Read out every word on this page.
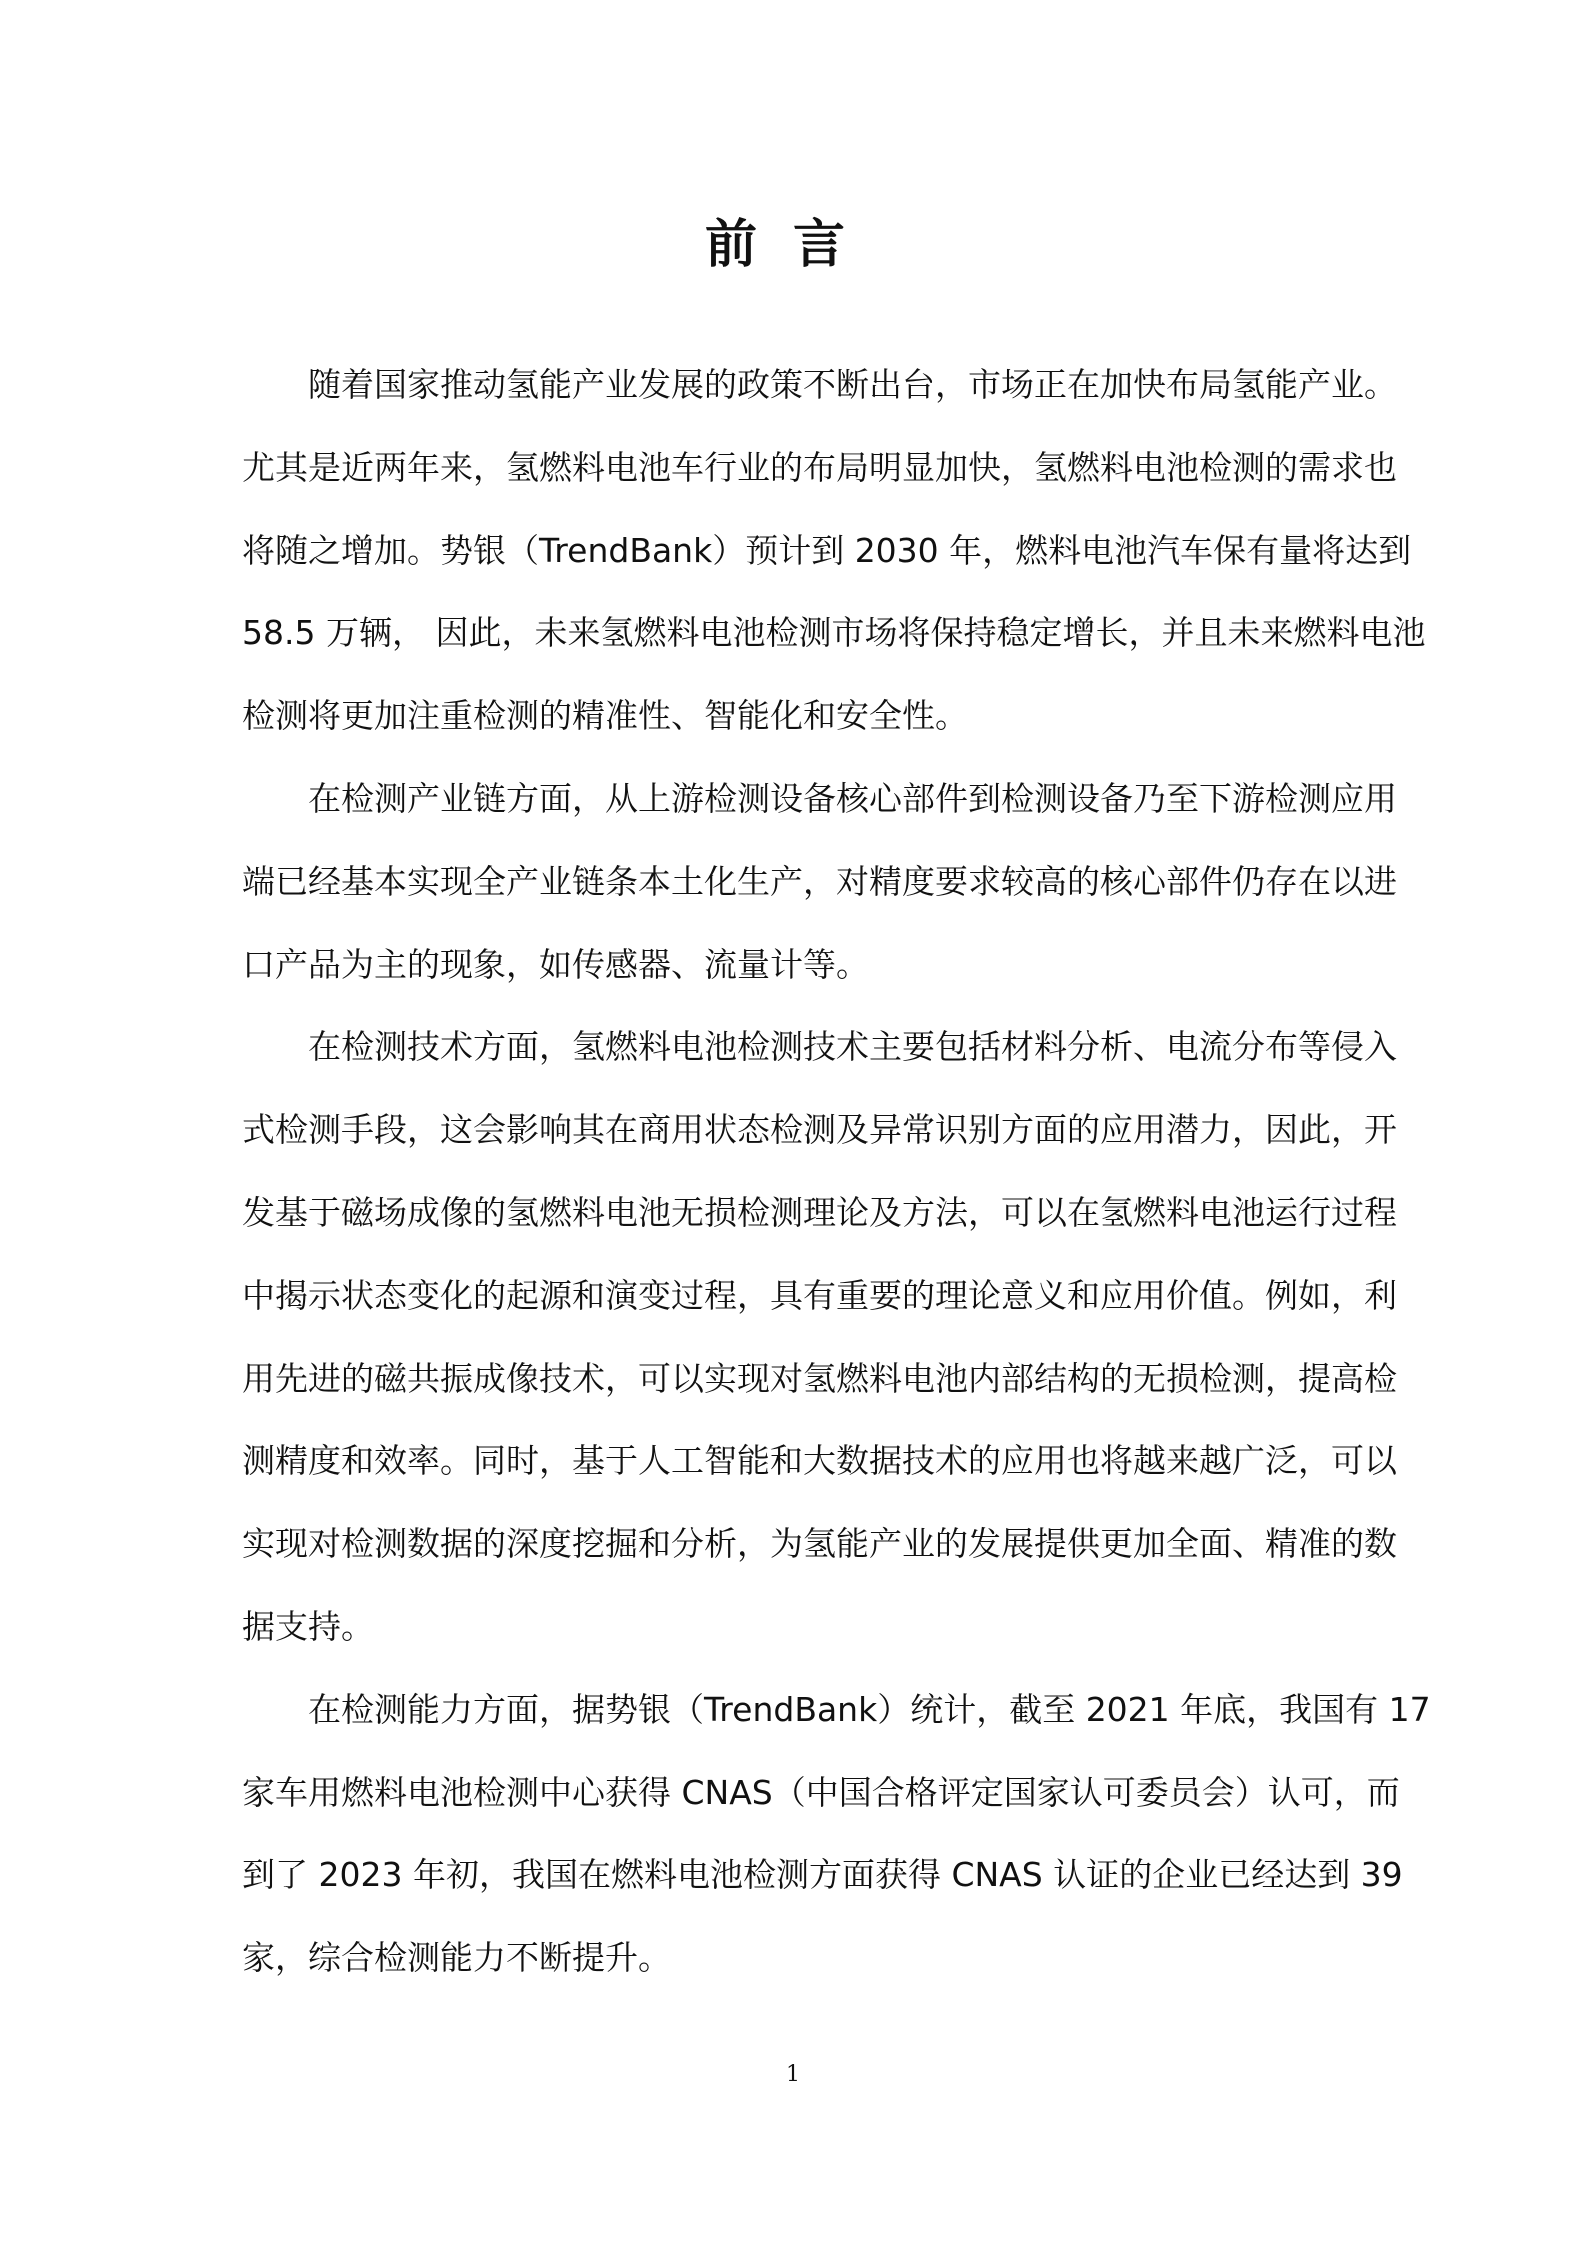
前言
随着国家推动氢能产业发展的政策不断出台，市场正在加快布局氢能产业。
尤其是近两年来，氢燃料电池车行业的布局明显加快，氢燃料电池检测的需求也
将随之增加。势银（TrendBank）预计到 2030 年，燃料电池汽车保有量将达到
58.5 万辆， 因此，未来氢燃料电池检测市场将保持稳定增长，并且未来燃料电池
检测将更加注重检测的精准性、智能化和安全性。
在检测产业链方面，从上游检测设备核心部件到检测设备乃至下游检测应用
端已经基本实现全产业链条本土化生产，对精度要求较高的核心部件仍存在以进
口产品为主的现象，如传感器、流量计等。
在检测技术方面，氢燃料电池检测技术主要包括材料分析、电流分布等侵入
式检测手段，这会影响其在商用状态检测及异常识别方面的应用潜力，因此，开
发基于磁场成像的氢燃料电池无损检测理论及方法，可以在氢燃料电池运行过程
中揭示状态变化的起源和演变过程，具有重要的理论意义和应用价值。例如，利
用先进的磁共振成像技术，可以实现对氢燃料电池内部结构的无损检测，提高检
测精度和效率。同时，基于人工智能和大数据技术的应用也将越来越广泛，可以
实现对检测数据的深度挖掘和分析，为氢能产业的发展提供更加全面、精准的数
据支持。
在检测能力方面，据势银（TrendBank）统计，截至 2021 年底，我国有 17
家车用燃料电池检测中心获得 CNAS（中国合格评定国家认可委员会）认可，而
到了 2023 年初，我国在燃料电池检测方面获得 CNAS 认证的企业已经达到 39
家，综合检测能力不断提升。
1
